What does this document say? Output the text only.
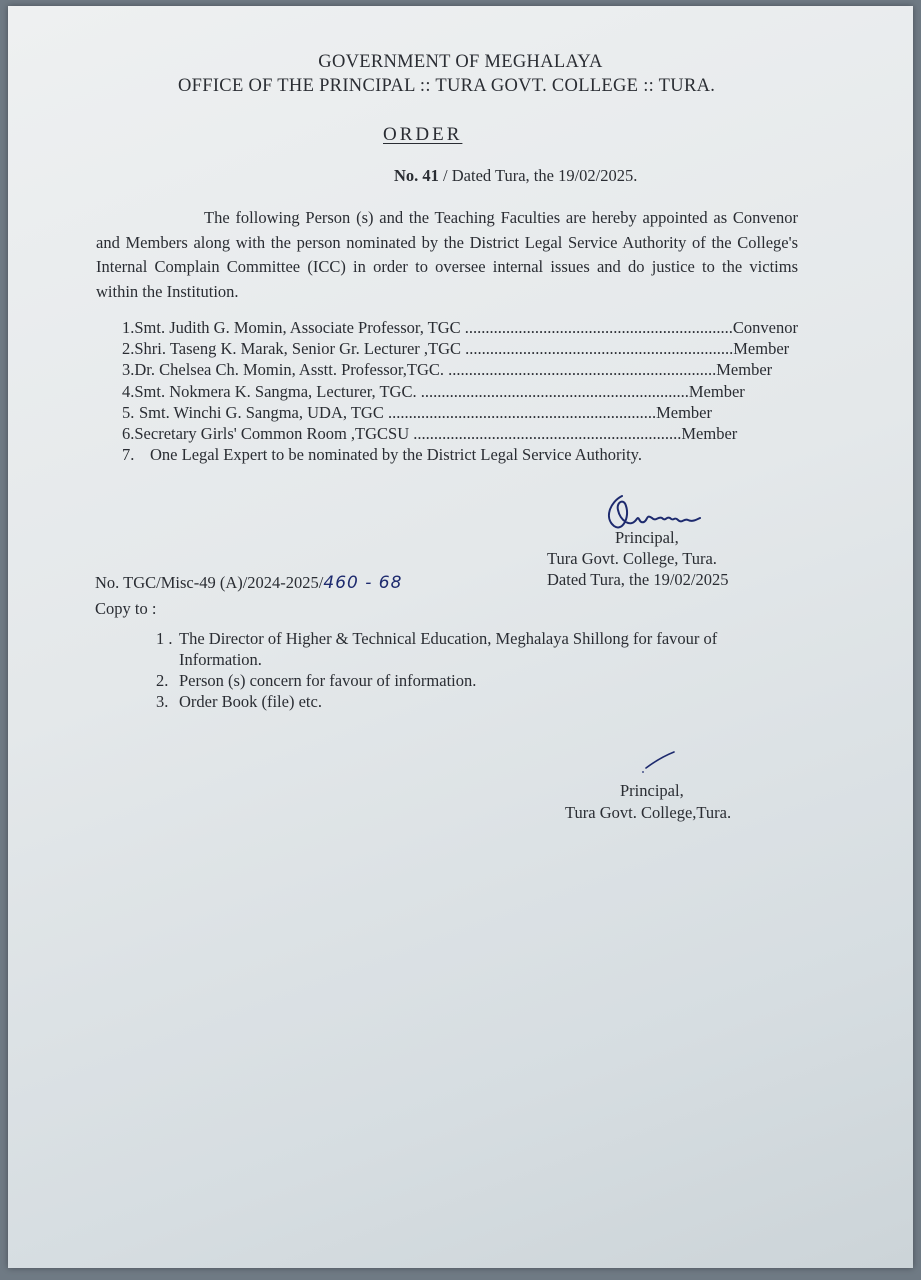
GOVERNMENT OF MEGHALAYA
OFFICE OF THE PRINCIPAL :: TURA GOVT. COLLEGE :: TURA.
ORDER
No. 41 / Dated Tura, the 19/02/2025.
The following Person (s) and the Teaching Faculties are hereby appointed as Convenor and Members along with the person nominated by the District Legal Service Authority of the College's Internal Complain Committee (ICC) in order to oversee internal issues and do justice to the victims within the Institution.
1. Smt. Judith G. Momin, Associate Professor, TGC ................................................................. Convenor
2. Shri. Taseng K. Marak, Senior Gr. Lecturer ,TGC ................................................................. Member
3. Dr. Chelsea Ch. Momin, Asstt. Professor,TGC. ................................................................. Member
4. Smt. Nokmera K. Sangma, Lecturer, TGC. ................................................................. Member
5. Smt. Winchi G. Sangma, UDA, TGC ................................................................. Member
6. Secretary Girls' Common Room ,TGCSU ................................................................. Member
7. One Legal Expert to be nominated by the District Legal Service Authority.
Principal,
Tura Govt. College, Tura.
Dated Tura, the 19/02/2025
No. TGC/Misc-49 (A)/2024-2025/460 - 68
Copy to :
1 . The Director of Higher & Technical Education, Meghalaya Shillong for favour of Information.
2. Person (s) concern for favour of information.
3. Order Book (file) etc.
Principal,
Tura Govt. College,Tura.
